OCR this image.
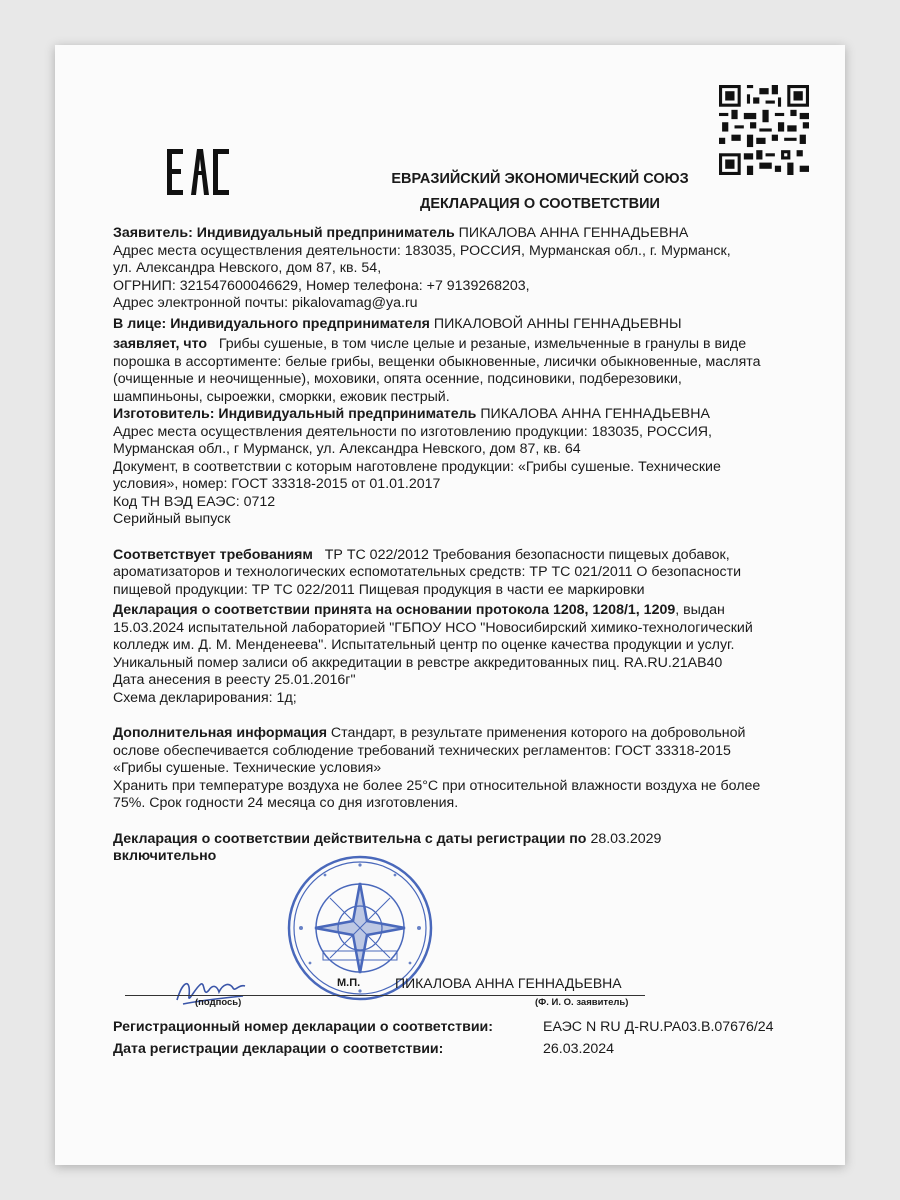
ЕВРАЗИЙСКИЙ ЭКОНОМИЧЕСКИЙ СОЮЗ
ДЕКЛАРАЦИЯ О СООТВЕТСТВИИ

Заявитель: Индивидуальный предприниматель ПИКАЛОВА АННА ГЕННАДЬЕВНА

Адрес места осуществления деятельности: 183035, РОССИЯ, Мурманская обл., г. Мурманск,

ул. Александра Невского, дом 87, кв. 54,

ОГРНИП: 321547600046629, Номер телефона: +7 9139268203,

Адрес электронной почты: pikalovamag@ya.ru

В лице: Индивидуального предпринимателя ПИКАЛОВОЙ АННЫ ГЕННАДЬЕВНЫ

заявляет, что Грибы сушеные, в том числе целые и резаные, измельченные в гранулы в виде

порошка в ассортименте: белые грибы, вещенки обыкновенные, лисички обыкновенные, маслята

(очищенные и неочищенные), моховики, опята осенние, подсиновики, подберезовики,

шампиньоны, сыроежки, сморкки, ежовик пестрый.

Изготовитель: Индивидуальный предприниматель ПИКАЛОВА АННА ГЕННАДЬЕВНА

Адрес места осуществления деятельности по изготовлению продукции: 183035, РОССИЯ,

Мурманская обл., г Мурманск, ул. Александра Невского, дом 87, кв. 64

Документ, в соответствии с которым наготовлене продукции: «Грибы сушеные. Технические

условия», номер: ГОСТ 33318-2015 от 01.01.2017

Код ТН ВЭД ЕАЭС: 0712

Серийный выпуск

Соответствует требованиям ТР ТС 022/2012 Требования безопасности пищевых добавок,

ароматизаторов и технологических еспомотательных средств: ТР ТС 021/2011 О безопасности

пищевой продукции: ТР ТС 022/2011 Пищевая продукция в части ее маркировки

Декларация о соответствии принята на основании протокола 1208, 1208/1, 1209, выдан

15.03.2024 испытательной лабораторией "ГБПОУ НСО "Новосибирский химико-технологический

колледж им. Д. М. Менденеева". Испытательный центр по оценке качества продукции и услуг.

Уникальный помер залиси об аккредитации в ревстре аккредитованных пиц. RA.RU.21AB40

Дата анесения в реесту 25.01.2016г"

Схема декларирования: 1д;

Дополнительная информация Стандарт, в результате применения которого на добровольной

ослове обеспечивается соблюдение требований технических регламентов: ГОСТ 33318-2015

«Грибы сушеные. Технические условия»

Хранить при температуре воздуха не более 25°С при относительной влажности воздуха не более

75%. Срок годности 24 месяца со дня изготовления.

Декларация о соответствии действительна с даты регистрации по 28.03.2029

включительно

М.П. ПИКАЛОВА АННА ГЕННАДЬЕВНА
(подпось)	(Ф. И. О. заявитель)
Регистрационный номер декларации о соответствии:	ЕАЭС N RU Д-RU.PA03.B.07676/24
Дата регистрации декларации о соответствии:	26.03.2024
